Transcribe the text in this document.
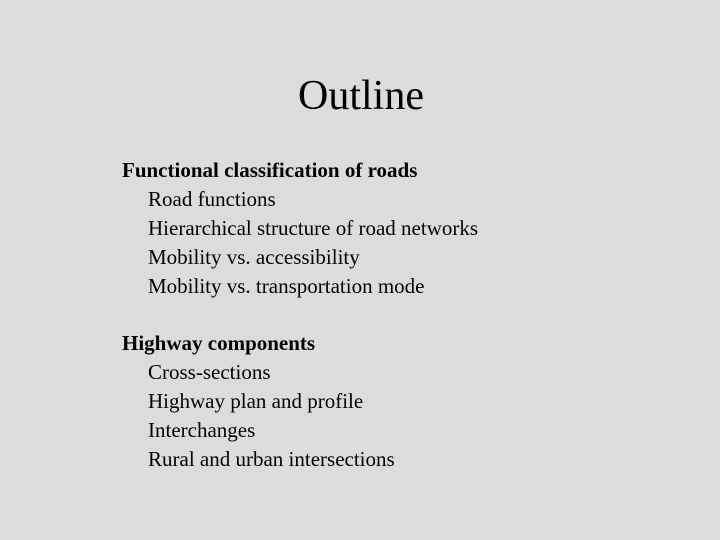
Outline

Functional classification of roads

Road functions
Hierarchical structure of road networks
Mobility vs. accessibility
Mobility vs. transportation mode

Highway components

Cross-sections
Highway plan and profile
Interchanges
Rural and urban intersections
